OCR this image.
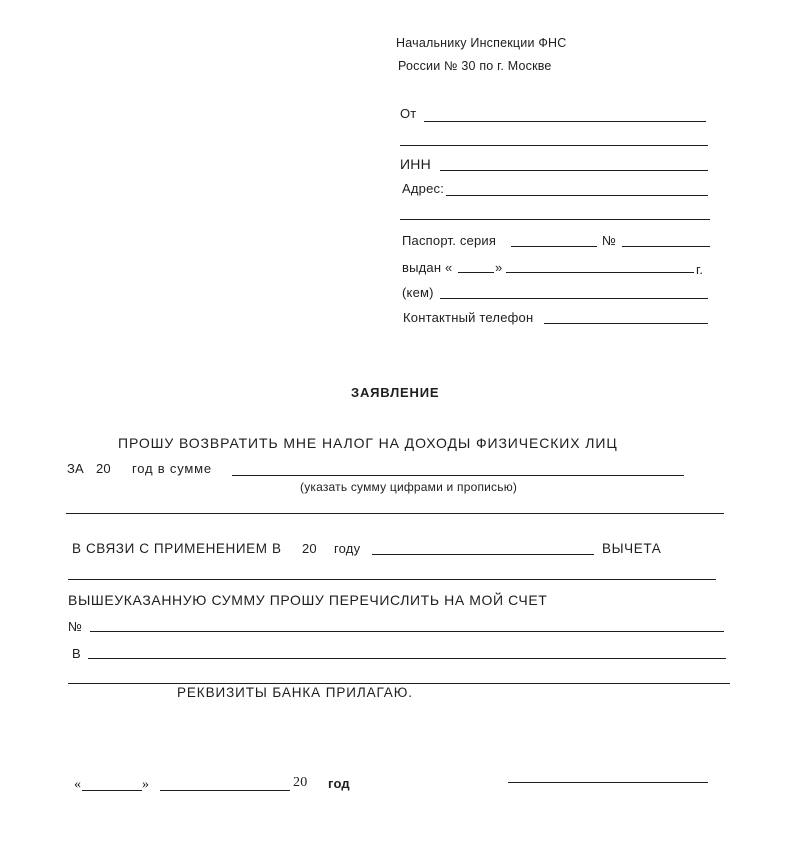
Начальнику Инспекции ФНС
России № 30 по г. Москве
От
ИНН
Адрес:
Паспорт. серия	№
выдан «	»	г.
(кем)
Контактный телефон
ЗАЯВЛЕНИЕ
ПРОШУ ВОЗВРАТИТЬ МНЕ НАЛОГ НА ДОХОДЫ ФИЗИЧЕСКИХ ЛИЦ
ЗА 20 год в сумме
(указать сумму цифрами и прописью)
В СВЯЗИ С ПРИМЕНЕНИЕМ В 20 году	ВЫЧЕТА
ВЫШЕУКАЗАННУЮ СУММУ ПРОШУ ПЕРЕЧИСЛИТЬ НА МОЙ СЧЕТ
№
В
РЕКВИЗИТЫ БАНКА ПРИЛАГАЮ.
«	»	20 год
